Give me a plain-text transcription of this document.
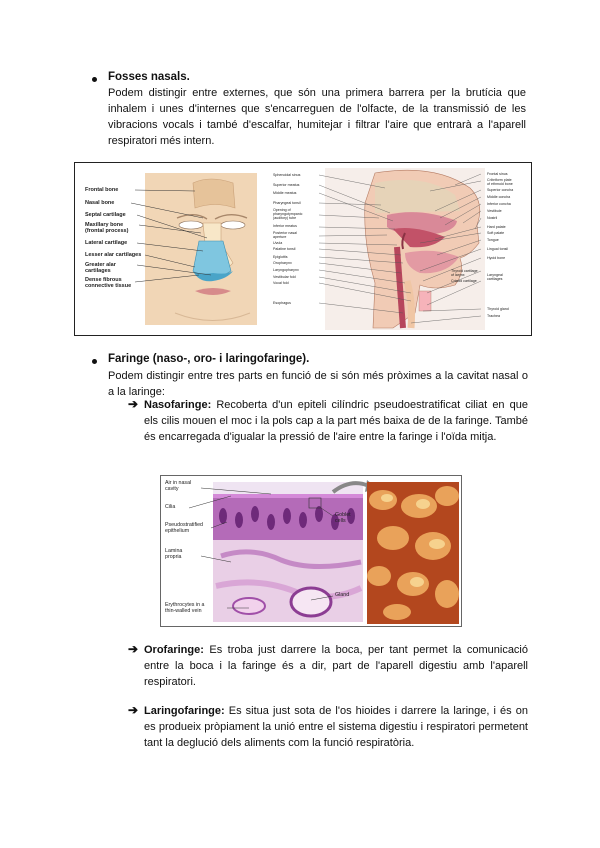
Fosses nasals.
Podem distingir entre externes, que són una primera barrera per la brutícia que inhalem i unes d'internes que s'encarreguen de l'olfacte, de la transmissió de les vibracions vocals i també d'escalfar, humitejar i filtrar l'aire que entrarà a l'aparell respiratori més intern.
Frontal bone
Nasal bone
Septal cartilage
Maxillary bone
(frontal process)
Lateral cartilage
Lesser alar cartilages
Greater alar
cartilages
Dense fibrous
connective tissue
Sphenoidal sinus
Superior meatus
Middle meatus
Pharyngeal tonsil
Opening of
pharyngotympanic
(auditory) tube
Inferior meatus
Posterior nasal
aperture
Uvula
Palatine tonsil
Epiglottis
Oropharynx
Laryngopharynx
Vestibular fold
Vocal fold
Esophagus
Frontal sinus
Cribriform plate
of ethmoid bone
Superior concha
Middle concha
Inferior concha
Vestibule
Nostril
Hard palate
Soft palate
Tongue
Lingual tonsil
Hyoid bone
Thyroid cartilage
of larynx
Cricoid cartilage
Laryngeal
cartilages
Thyroid gland
Trachea
Faringe (naso-, oro- i laringofaringe).
Podem distingir entre tres parts en funció de si són més pròximes a la cavitat nasal o a la laringe:
➔ Nasofaringe: Recoberta d'un epiteli cilíndric pseudoestratificat ciliat en que els cilis mouen el moc i la pols cap a la part més baixa de de la faringe. També és encarregada d'igualar la pressió de l'aire entre la faringe i l'oïda mitja.
Air in nasal
cavity
Cilia
Pseudostratified
epithelium
Lamina
propria
Erythrocytes in a
thin-walled vein
Goblet
cells
Gland
➔ Orofaringe: Es troba just darrere la boca, per tant permet la comunicació entre la boca i la faringe és a dir, part de l'aparell digestiu amb l'aparell respiratori.
➔ Laringofaringe: Es situa just sota de l'os hioides i darrere la laringe, i és on es produeix pròpiament la unió entre el sistema digestiu i respiratori permetent tant la deglució dels aliments com la funció respiratòria.
